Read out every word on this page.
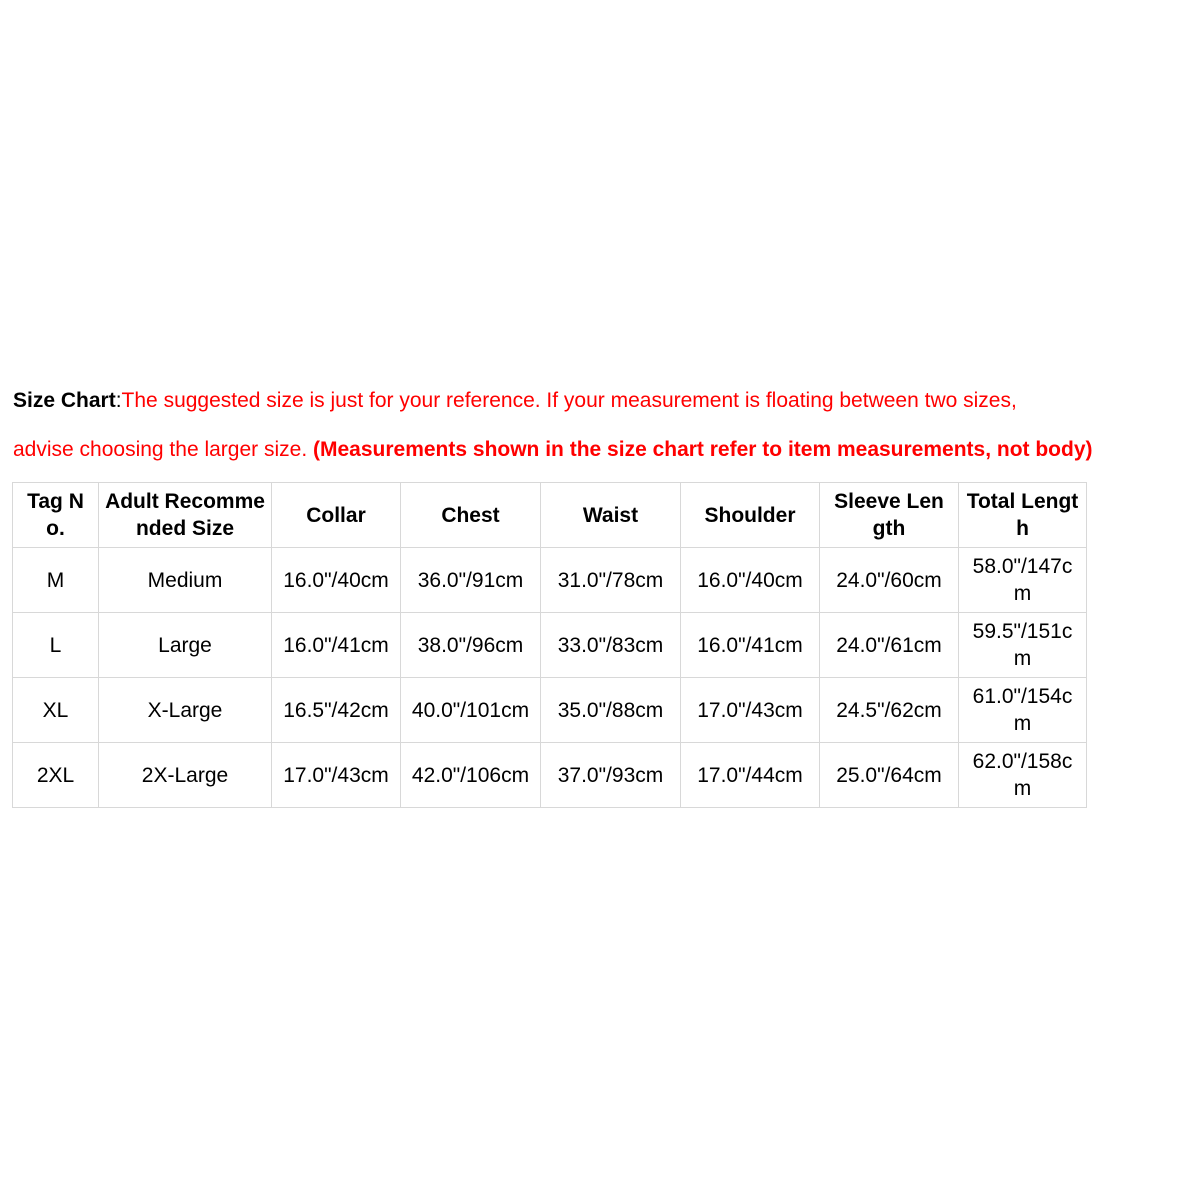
Size Chart:The suggested size is just for your reference. If your measurement is floating between two sizes,
advise choosing the larger size. (Measurements shown in the size chart refer to item measurements, not body)
Tag No.	Adult Recommended Size	Collar	Chest	Waist	Shoulder	Sleeve Length	Total Length
M	Medium	16.0"/40cm	36.0"/91cm	31.0"/78cm	16.0"/40cm	24.0"/60cm	58.0"/147cm
L	Large	16.0"/41cm	38.0"/96cm	33.0"/83cm	16.0"/41cm	24.0"/61cm	59.5"/151cm
XL	X-Large	16.5"/42cm	40.0"/101cm	35.0"/88cm	17.0"/43cm	24.5"/62cm	61.0"/154cm
2XL	2X-Large	17.0"/43cm	42.0"/106cm	37.0"/93cm	17.0"/44cm	25.0"/64cm	62.0"/158cm
